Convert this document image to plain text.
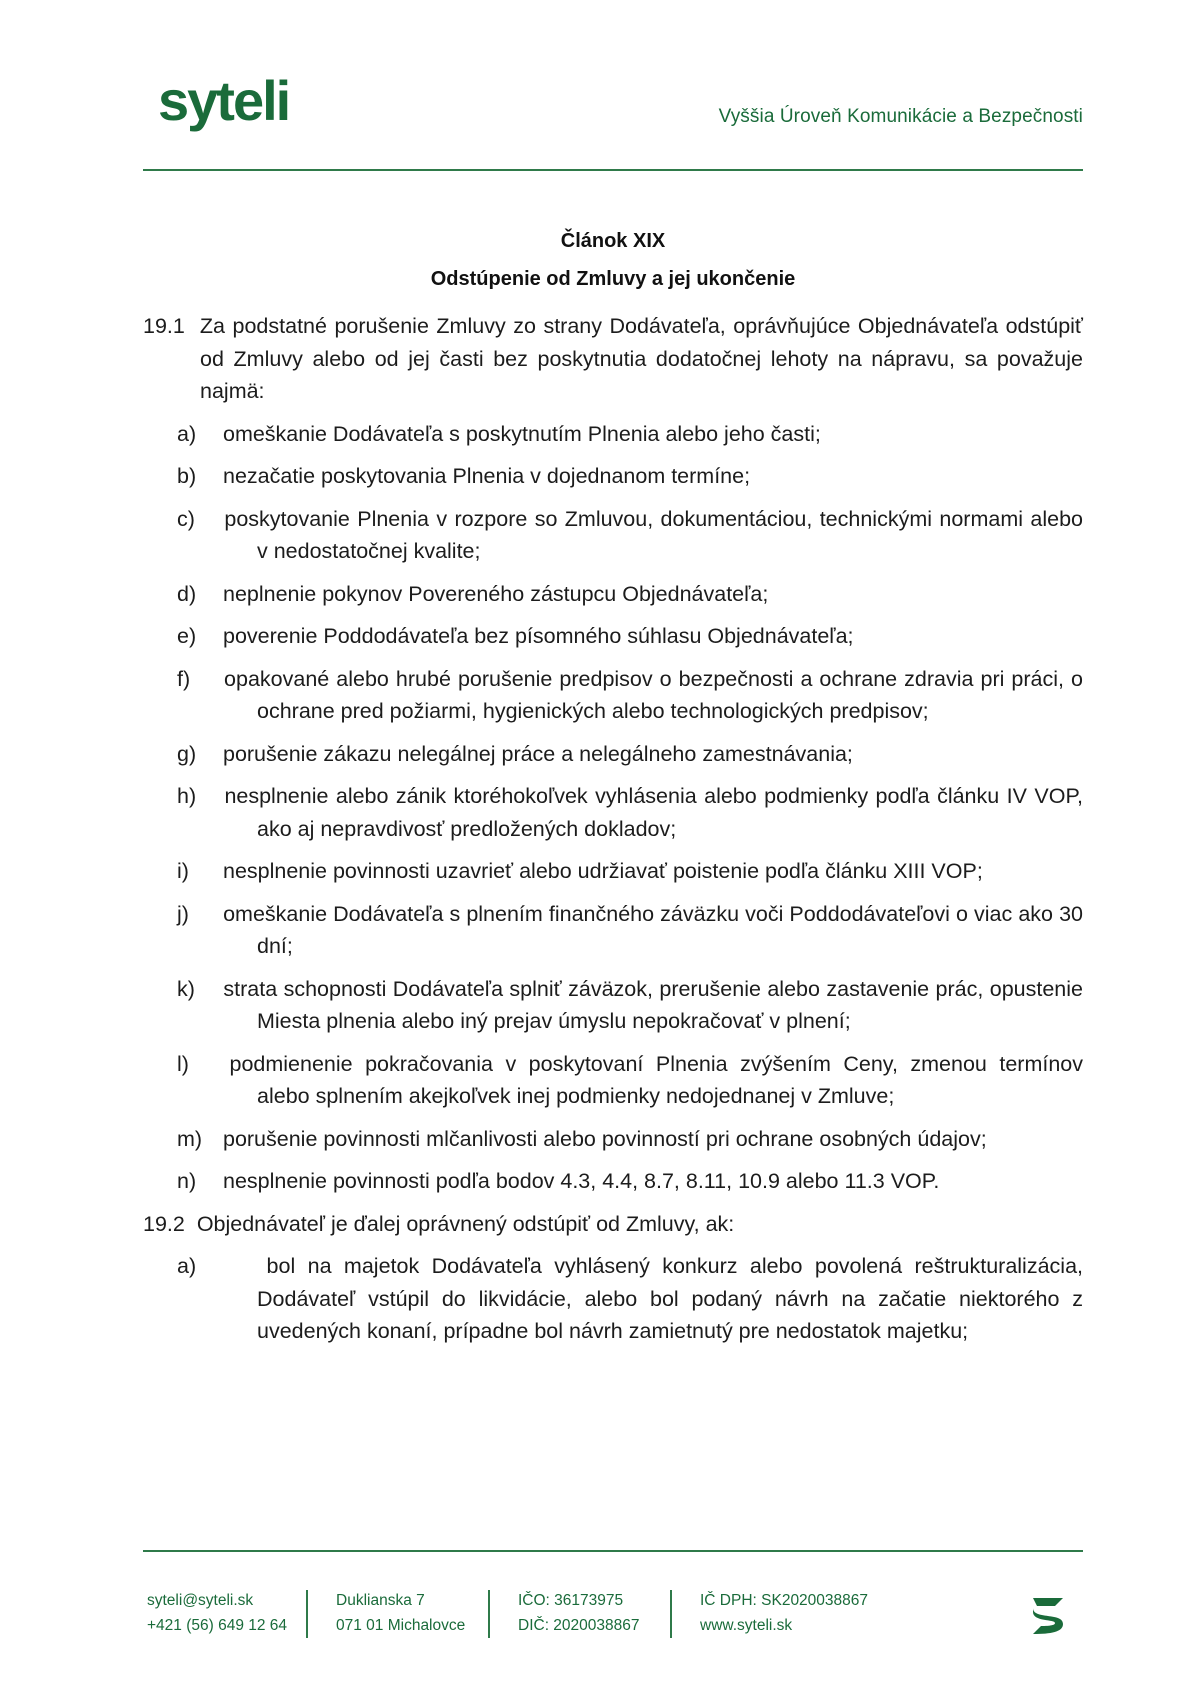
syteli	Vyššia Úroveň Komunikácie a Bezpečnosti
Článok XIX
Odstúpenie od Zmluvy a jej ukončenie
19.1 Za podstatné porušenie Zmluvy zo strany Dodávateľa, oprávňujúce Objednávateľa odstúpiť od Zmluvy alebo od jej časti bez poskytnutia dodatočnej lehoty na nápravu, sa považuje najmä:
a) omeškanie Dodávateľa s poskytnutím Plnenia alebo jeho časti;
b) nezačatie poskytovania Plnenia v dojednanom termíne;
c) poskytovanie Plnenia v rozpore so Zmluvou, dokumentáciou, technickými normami alebo v nedostatočnej kvalite;
d) neplnenie pokynov Povereného zástupcu Objednávateľa;
e) poverenie Poddodávateľa bez písomného súhlasu Objednávateľa;
f) opakované alebo hrubé porušenie predpisov o bezpečnosti a ochrane zdravia pri práci, o ochrane pred požiarmi, hygienických alebo technologických predpisov;
g) porušenie zákazu nelegálnej práce a nelegálneho zamestnávania;
h) nesplnenie alebo zánik ktoréhokoľvek vyhlásenia alebo podmienky podľa článku IV VOP, ako aj nepravdivosť predložených dokladov;
i) nesplnenie povinnosti uzavrieť alebo udržiavať poistenie podľa článku XIII VOP;
j) omeškanie Dodávateľa s plnením finančného záväzku voči Poddodávateľovi o viac ako 30 dní;
k) strata schopnosti Dodávateľa splniť záväzok, prerušenie alebo zastavenie prác, opustenie Miesta plnenia alebo iný prejav úmyslu nepokračovať v plnení;
l) podmienenie pokračovania v poskytovaní Plnenia zvýšením Ceny, zmenou termínov alebo splnením akejkoľvek inej podmienky nedojednanej v Zmluve;
m) porušenie povinnosti mlčanlivosti alebo povinností pri ochrane osobných údajov;
n) nesplnenie povinnosti podľa bodov 4.3, 4.4, 8.7, 8.11, 10.9 alebo 11.3 VOP.
19.2 Objednávateľ je ďalej oprávnený odstúpiť od Zmluvy, ak:
a)	bol na majetok Dodávateľa vyhlásený konkurz alebo povolená reštrukturalizácia, Dodávateľ vstúpil do likvidácie, alebo bol podaný návrh na začatie niektorého z uvedených konaní, prípadne bol návrh zamietnutý pre nedostatok majetku;
syteli@syteli.sk
+421 (56) 649 12 64
Duklianska 7
071 01 Michalovce
IČO: 36173975
DIČ: 2020038867
IČ DPH: SK2020038867
www.syteli.sk
